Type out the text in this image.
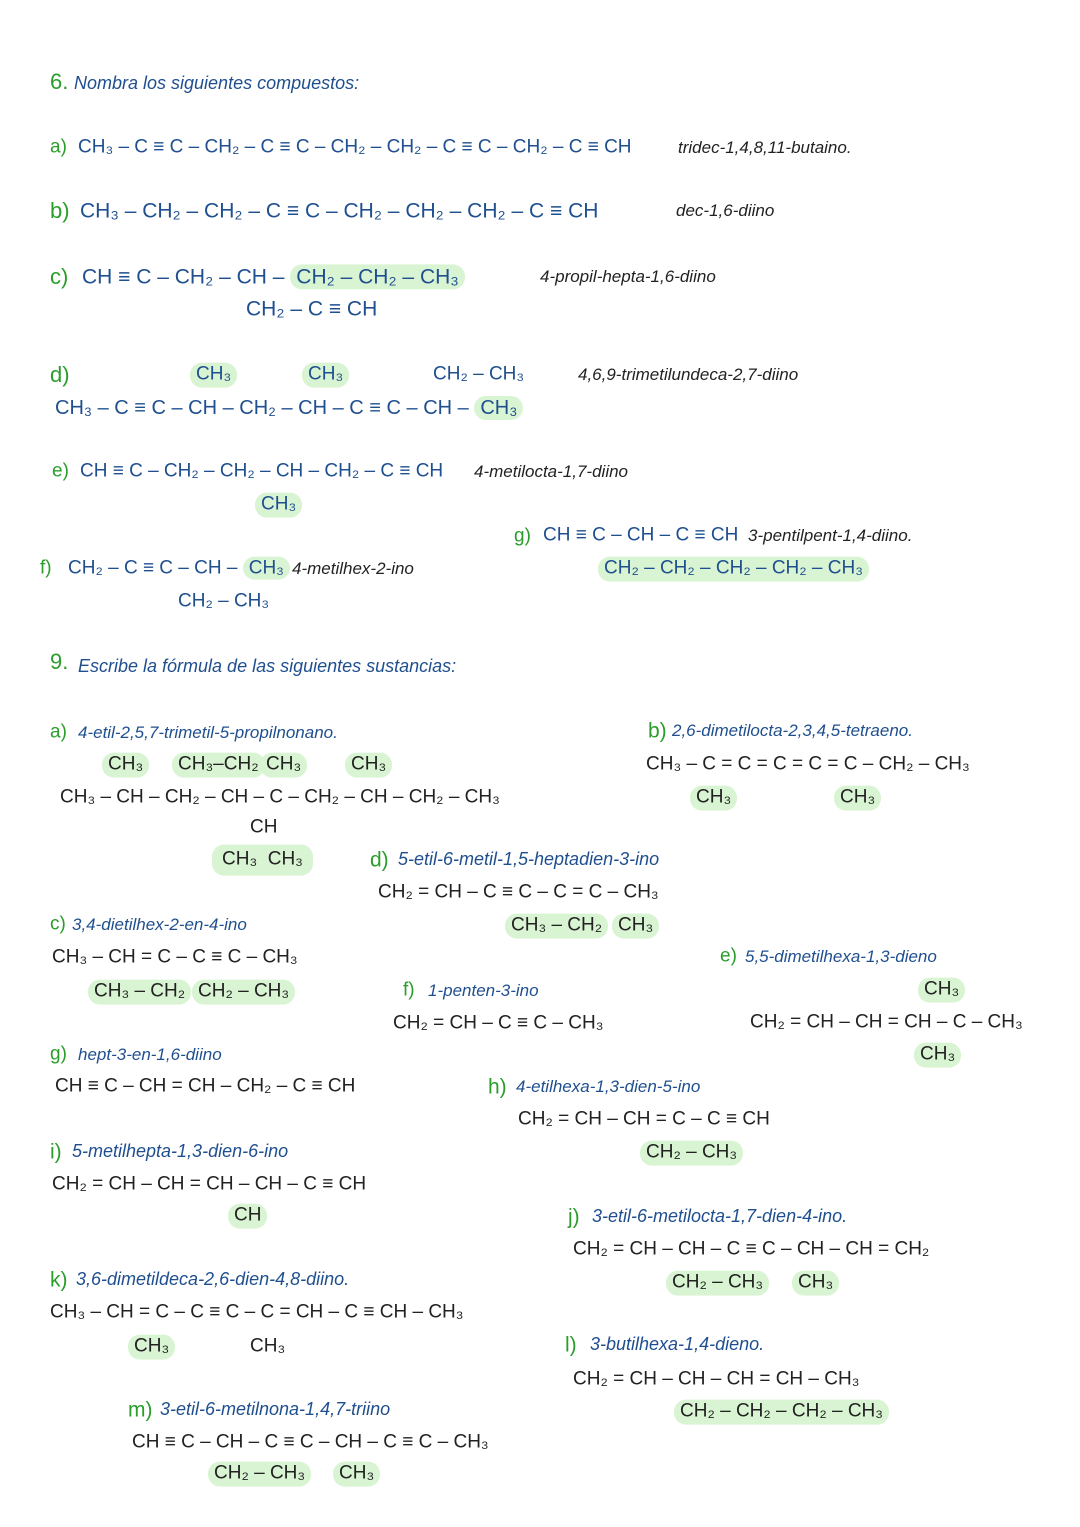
6. Nombra los siguientes compuestos:
a) CH₃ – C ≡ C – CH₂ – C ≡ C – CH₂ – CH₂ – C ≡ C – CH₂ – C ≡ CH	tridec-1,4,8,11-butaino.
b) CH₃ – CH₂ – CH₂ – C ≡ C – CH₂ – CH₂ – CH₂ – C ≡ CH	dec-1,6-diino
c) CH ≡ C – CH₂ – CH – CH₂ – CH₂ – CH₃
CH₂ – C ≡ CH
4-propil-hepta-1,6-diino
d)	CH₃	CH₃	CH₂ – CH₃
CH₃ – C ≡ C – CH – CH₂ – CH – C ≡ C – CH – CH₃
4,6,9-trimetilundeca-2,7-diino
e) CH ≡ C – CH₂ – CH₂ – CH – CH₂ – C ≡ CH
CH₃
4-metilocta-1,7-diino
g) CH ≡ C – CH – C ≡ CH
CH₂ – CH₂ – CH₂ – CH₂ – CH₃
3-pentilpent-1,4-diino.
f) CH₂ – C ≡ C – CH – CH₃
CH₂ – CH₃
4-metilhex-2-ino
9. Escribe la fórmula de las siguientes sustancias:
a) 4-etil-2,5,7-trimetil-5-propilnonano.
CH₃	CH₃–CH₂ CH₃	CH₃
CH₃ – CH – CH₂ – CH – C – CH₂ – CH – CH₂ – CH₃
CH
CH₃  CH₃
b) 2,6-dimetilocta-2,3,4,5-tetraeno.
CH₃ – C = C = C = C = C – CH₂ – CH₃
CH₃	CH₃
d) 5-etil-6-metil-1,5-heptadien-3-ino
CH₂ = CH – C ≡ C – C = C – CH₃
CH₃ – CH₂ CH₃
c) 3,4-dietilhex-2-en-4-ino
CH₃ – CH = C – C ≡ C – CH₃
CH₃ – CH₂ CH₂ – CH₃
e) 5,5-dimetilhexa-1,3-dieno
CH₃
CH₂ = CH – CH = CH – C – CH₃
CH₃
f) 1-penten-3-ino
CH₂ = CH – C ≡ C – CH₃
g) hept-3-en-1,6-diino
CH ≡ C – CH = CH – CH₂ – C ≡ CH	h) 4-etilhexa-1,3-dien-5-ino
CH₂ = CH – CH = C – C ≡ CH
CH₂ – CH₃
i) 5-metilhepta-1,3-dien-6-ino
CH₂ = CH – CH = CH – CH – C ≡ CH
CH	j) 3-etil-6-metilocta-1,7-dien-4-ino.
CH₂ = CH – CH – C ≡ C – CH – CH = CH₂
CH₂ – CH₃	CH₃
k) 3,6-dimetildeca-2,6-dien-4,8-diino.
CH₃ – CH = C – C ≡ C – C = CH – C ≡ CH – CH₃
CH₃	CH₃	l) 3-butilhexa-1,4-dieno.
CH₂ = CH – CH – CH = CH – CH₃
CH₂ – CH₂ – CH₂ – CH₃
m) 3-etil-6-metilnona-1,4,7-triino
CH ≡ C – CH – C ≡ C – CH – C ≡ C – CH₃
CH₂ – CH₃	CH₃
